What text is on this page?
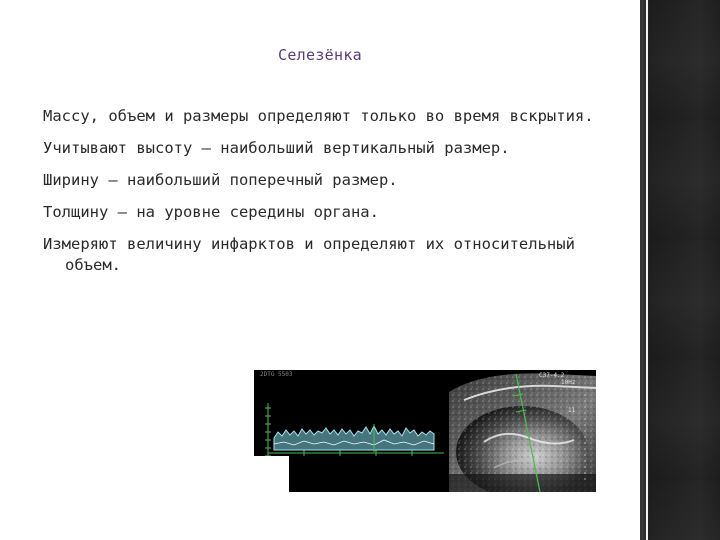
Селезёнка
Массу, объем и размеры определяют только во время вскрытия.
Учитывают высоту – наибольший вертикальный размер.
Ширину – наибольший поперечный размер.
Толщину – на уровне середины органа.
Измеряют величину инфарктов и определяют их относительный объем.
2DTG 5503	C37-4.2
10Hz
11
